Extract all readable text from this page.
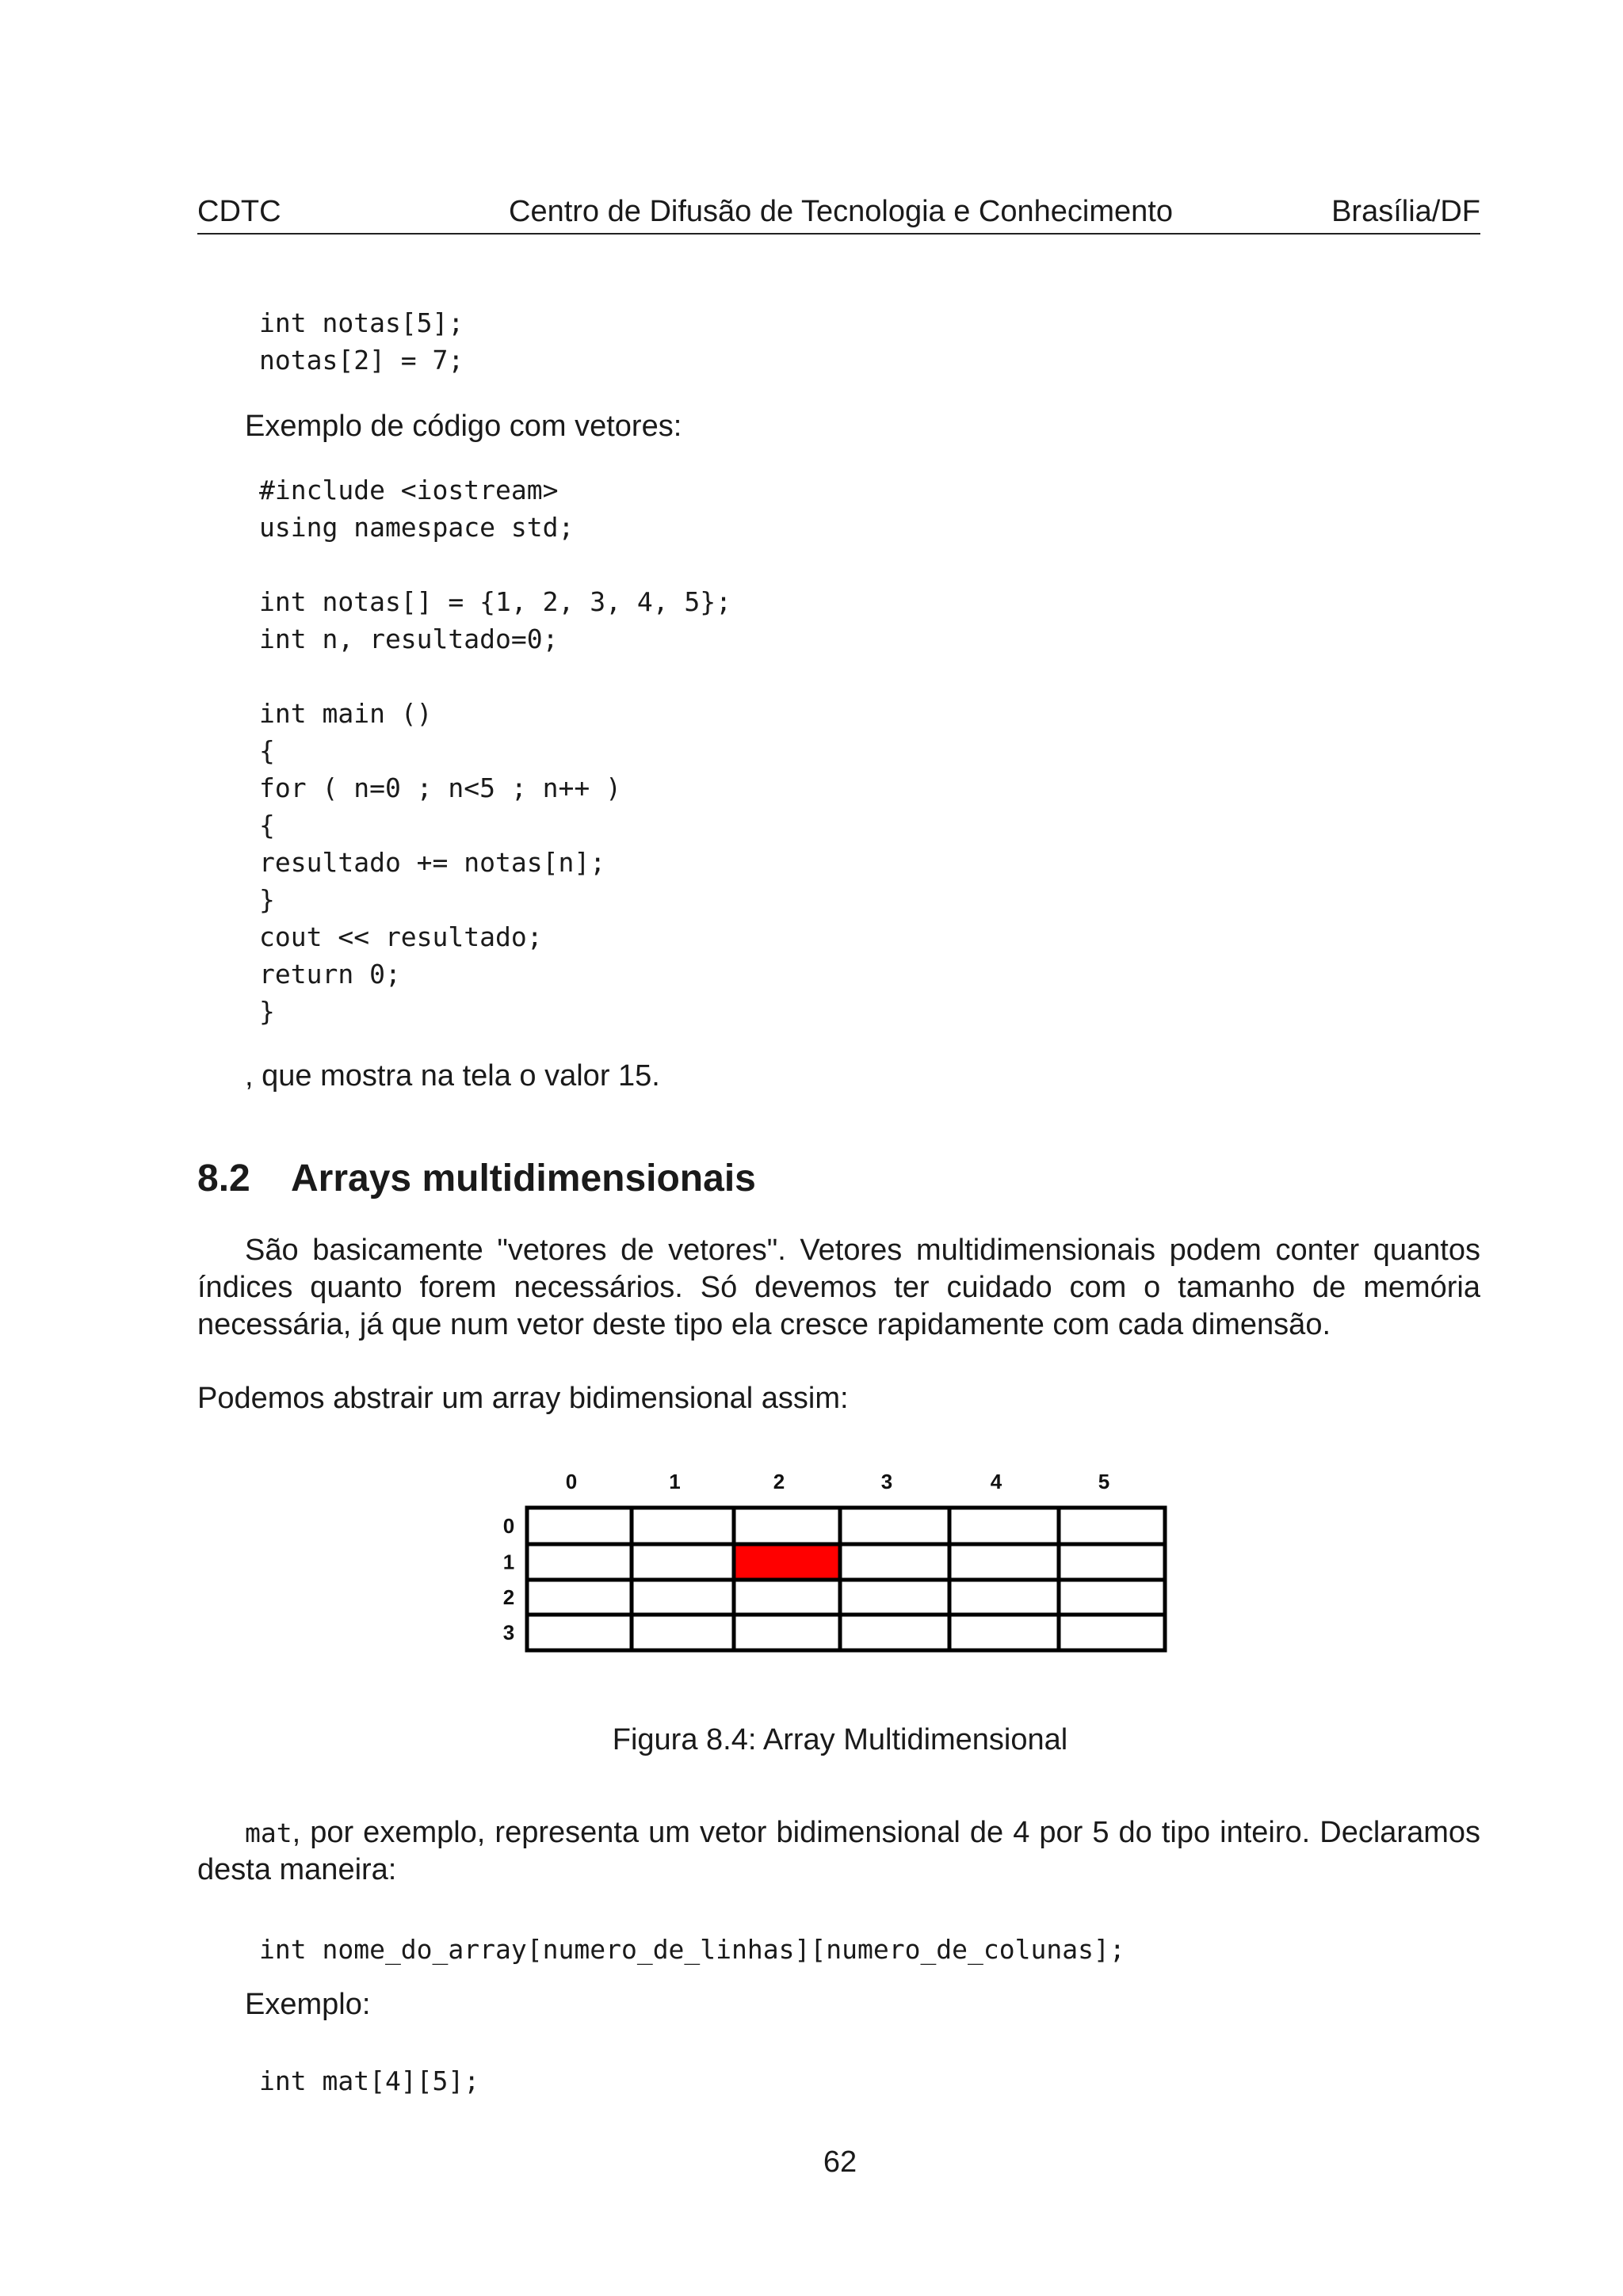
CDTC	Centro de Difusão de Tecnologia e Conhecimento	Brasília/DF
int notas[5];
notas[2] = 7;
Exemplo de código com vetores:
#include <iostream>
using namespace std;

int notas[] = {1, 2, 3, 4, 5};
int n, resultado=0;

int main ()
{
for ( n=0 ; n<5 ; n++ )
{
resultado += notas[n];
}
cout << resultado;
return 0;
}
, que mostra na tela o valor 15.
8.2 Arrays multidimensionais
São basicamente "vetores de vetores". Vetores multidimensionais podem conter quantos índices quanto forem necessários. Só devemos ter cuidado com o tamanho de memória necessária, já que num vetor deste tipo ela cresce rapidamente com cada dimensão.
Podemos abstrair um array bidimensional assim:
0	1	2	3	4	5
0
1
2
3
Figura 8.4: Array Multidimensional
mat, por exemplo, representa um vetor bidimensional de 4 por 5 do tipo inteiro. Declaramos desta maneira:
int nome_do_array[numero_de_linhas][numero_de_colunas];
Exemplo:
int mat[4][5];
62
